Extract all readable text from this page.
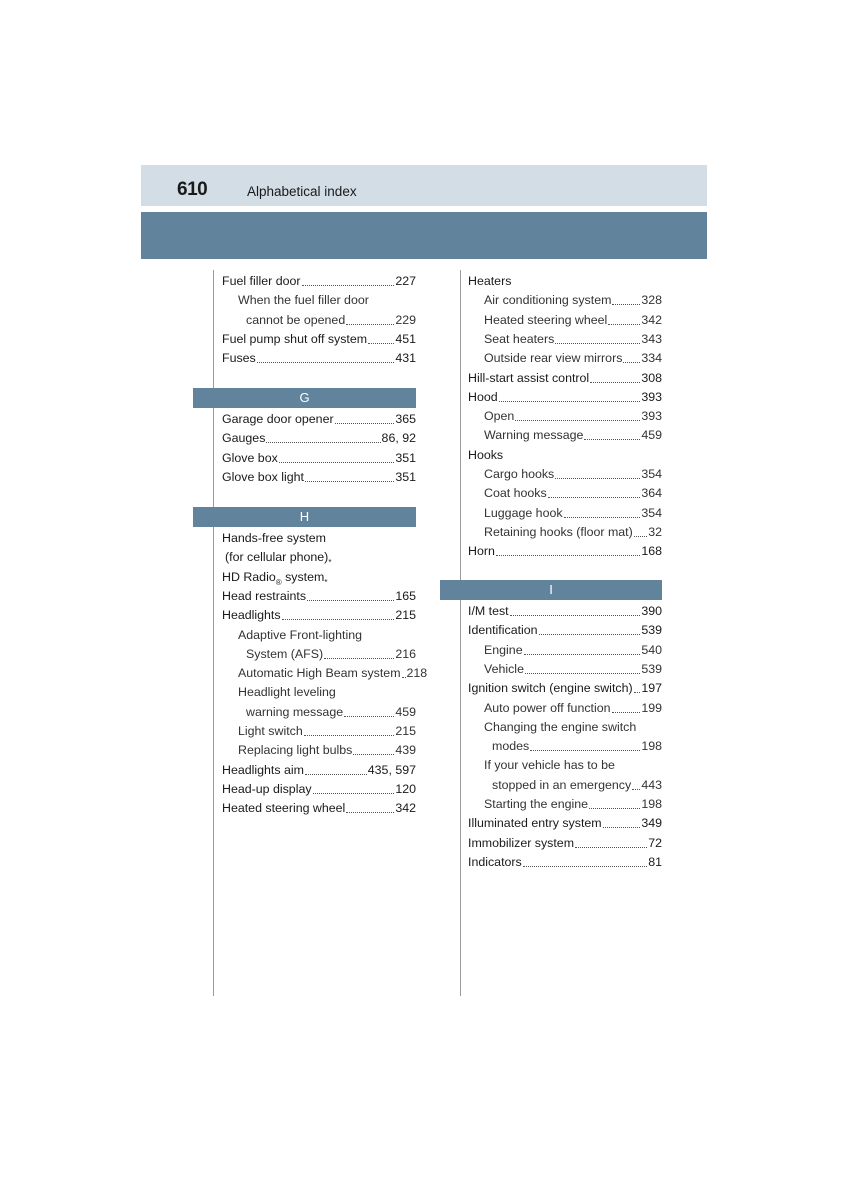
610	Alphabetical index
Fuel filler door	227
When the fuel filler door
cannot be opened	229
Fuel pump shut off system 451
Fuses	431
G
Garage door opener	365
Gauges	86, 92
Glove box	351
Glove box light	351
H
Hands-free system
(for cellular phone)*
HD Radio® system*
Head restraints	165
Headlights	215
Adaptive Front-lighting
System (AFS)	216
Automatic High Beam system 218
Headlight leveling
warning message	459
Light switch	215
Replacing light bulbs	439
Headlights aim	435, 597
Head-up display	120
Heated steering wheel	342
Heaters
Air conditioning system 328
Heated steering wheel	342
Seat heaters	343
Outside rear view mirrors 334
Hill-start assist control	308
Hood	393
Open	393
Warning message	459
Hooks
Cargo hooks	354
Coat hooks	364
Luggage hook	354
Retaining hooks (floor mat) 32
Horn	168
I
I/M test	390
Identification	539
Engine	540
Vehicle	539
Ignition switch (engine switch) 197
Auto power off function 199
Changing the engine switch
modes	198
If your vehicle has to be
stopped in an emergency 443
Starting the engine	198
Illuminated entry system	349
Immobilizer system	72
Indicators	81
